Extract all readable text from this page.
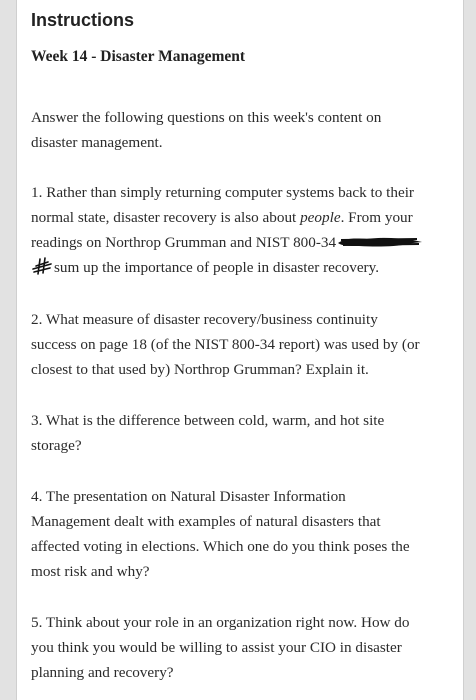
Instructions
Week 14 - Disaster Management
Answer the following questions on this week's content on
disaster management.
1. Rather than simply returning computer systems back to their
normal state, disaster recovery is also about people. From your
readings on Northrop Grumman and NIST 800-34
sum up the importance of people in disaster recovery.
2. What measure of disaster recovery/business continuity
success on page 18 (of the NIST 800-34 report) was used by (or
closest to that used by) Northrop Grumman? Explain it.
3. What is the difference between cold, warm, and hot site
storage?
4. The presentation on Natural Disaster Information
Management dealt with examples of natural disasters that
affected voting in elections. Which one do you think poses the
most risk and why?
5. Think about your role in an organization right now. How do
you think you would be willing to assist your CIO in disaster
planning and recovery?
